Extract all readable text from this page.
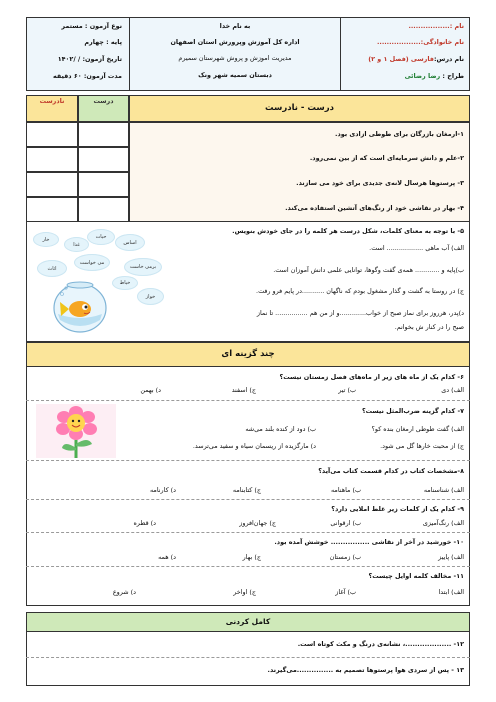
نام :.................
نام خانوادگی:..................
نام درس:فارسی (فصل ۱ و ۲)
طراح : رضا رضائی
به نام خدا
اداره کل آموزش وپرورش استان اصفهان
مدیریت اموزش و پروش شهرستان سمیرم
دبستان سمیه شهر ونک
نوع آزمون : مستمر
پایه : چهارم
تاریخ آزمون: / /۱۴۰۲
مدت آزمون: ۶۰ دقیقه
درست - نادرست
نادرست	درست
۱-ارمغان بازرگان برای طوطی ازادی بود.
۲-علم و دانش سرمایه‌ای است که از بین نمی‌رود.
۳- پرستوها هرسال لانه‌ی جدیدی برای خود می سازند.
۴- بهار در نقاشی خود از رنگ‌های آتشین استفاده می‌کند.
۵- با توجه به معنای کلمات، شکل درست هر کلمه را در جای خودش بنویس.
الف) آب ماهی .................. است.
ب)پایه و ............ همه‌ی گفت وگوها، توانایی علمی دانش آموزان است.
ج) در روستا به گشت و گذار مشغول بودم که ناگهان ...........در پایم فرو رفت.
د)پدر، هرروز برای نماز صبح از خواب.............و از من هم ................ تا نماز
صبح را در کنار ش بخوانم.
اساس
خار
خواز
غذا
حیات
می خواست
برمی خاست
اثاث
خیاط
چند گزینه ای
۶- کدام یک از ماه های زیر از ماه‌های فصل زمستان نیست؟
الف) دی
ب) تیر
ج) اسفند
د) بهمن
۷- کدام گزینه ضرب‌المثل نیست؟
الف) گفت طوطی ارمغان بنده کو؟
ب) دود از کنده بلند می‌شه
ج) از محبت خارها گل می شود.
د) مارگزیده از ریسمان سیاه و سفید می‌ترسد.
۸-مشخصات کتاب در کدام قسمت کتاب می‌آید؟
الف) شناسنامه
ب) ماهنامه
ج) کتابنامه
د) کارنامه
۹- کدام یک از کلمات زیر غلط املایی دارد؟
الف) رنگ‌آمیزی
ب) ارقوانی
ج) جهان‌افروز
د) قطره
۱۰- خورشید در آخر از نقاشی ................ خوشش آمده بود.
الف) پاییز
ب) زمستان
ج) بهار
د) همه
۱۱- مخالف کلمه اوایل چیست؟
الف) ابتدا
ب) آغاز
ج) اواخر
د) شروع
کامل کردنی
۱۲- ...................، نشانه‌ی درنگ و مکث کوتاه است.
۱۳ - پس از سردی هوا پرستوها تصمیم به ...............می‌گیرند.
